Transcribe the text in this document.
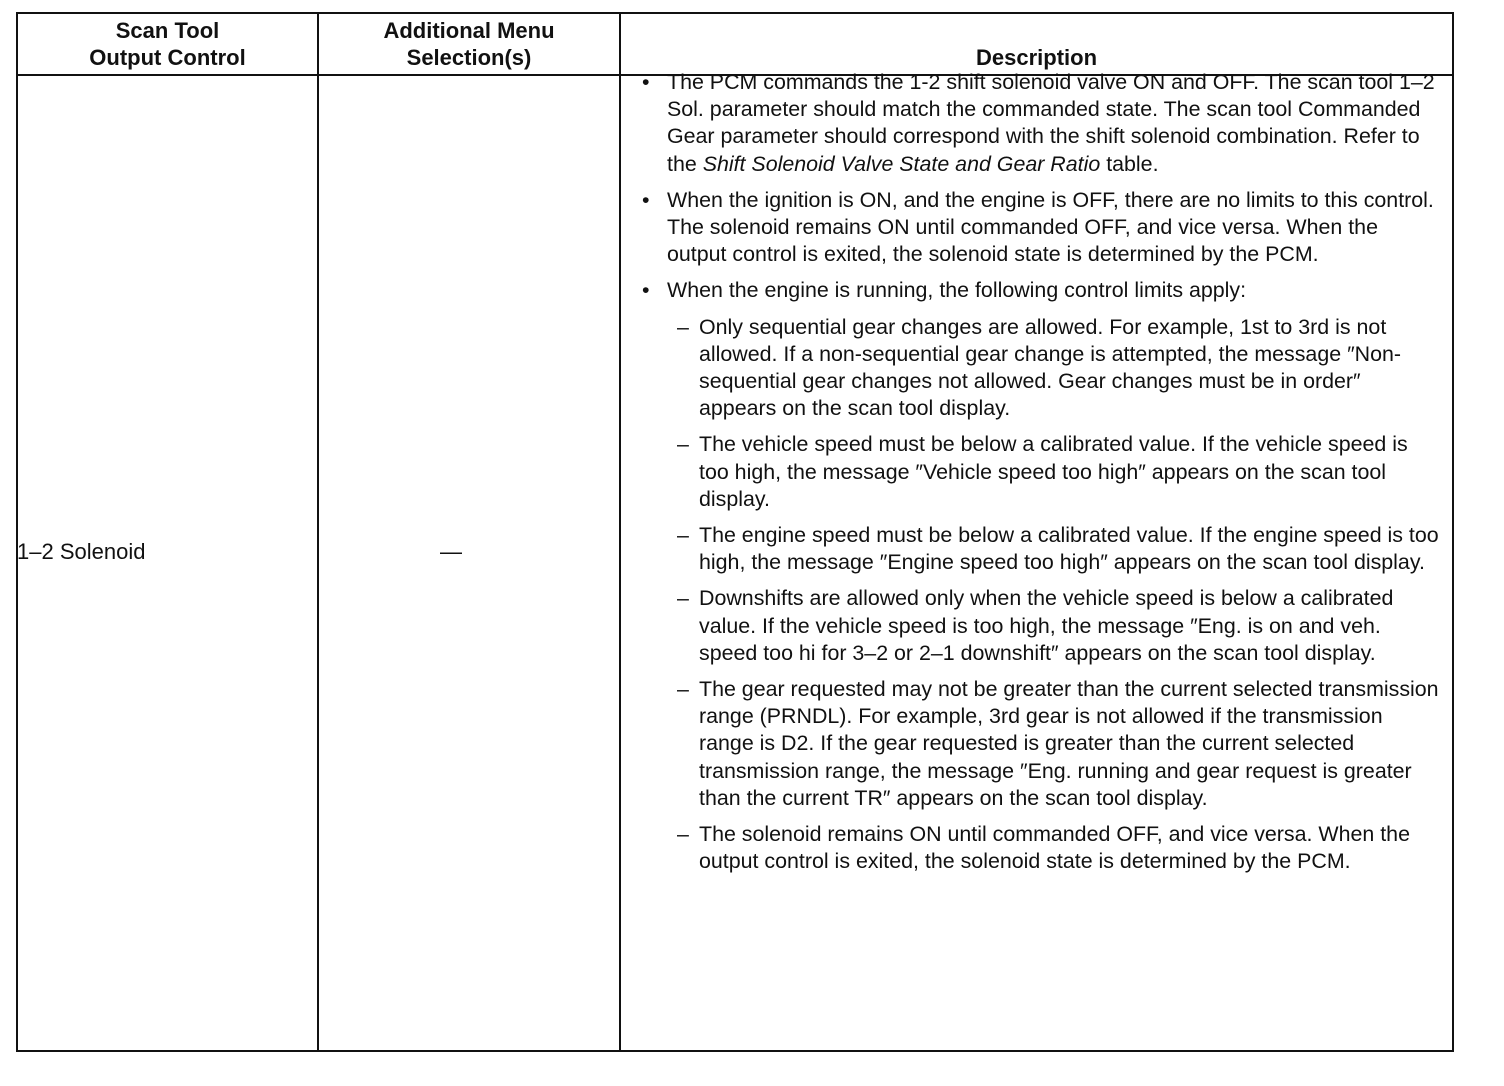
Scan Tool
Output Control
Additional Menu
Selection(s)	Description
1–2 Solenoid	—
• The PCM commands the 1-2 shift solenoid valve ON and OFF. The scan tool 1–2 Sol. parameter should match the commanded state. The scan tool Commanded Gear parameter should correspond with the shift solenoid combination. Refer to the Shift Solenoid Valve State and Gear Ratio table.
• When the ignition is ON, and the engine is OFF, there are no limits to this control. The solenoid remains ON until commanded OFF, and vice versa. When the output control is exited, the solenoid state is determined by the PCM.
• When the engine is running, the following control limits apply:
– Only sequential gear changes are allowed. For example, 1st to 3rd is not allowed. If a non-sequential gear change is attempted, the message ″Non-sequential gear changes not allowed. Gear changes must be in order″ appears on the scan tool display.
– The vehicle speed must be below a calibrated value. If the vehicle speed is too high, the message ″Vehicle speed too high″ appears on the scan tool display.
– The engine speed must be below a calibrated value. If the engine speed is too high, the message ″Engine speed too high″ appears on the scan tool display.
– Downshifts are allowed only when the vehicle speed is below a calibrated value. If the vehicle speed is too high, the message ″Eng. is on and veh. speed too hi for 3–2 or 2–1 downshift″ appears on the scan tool display.
– The gear requested may not be greater than the current selected transmission range (PRNDL). For example, 3rd gear is not allowed if the transmission range is D2. If the gear requested is greater than the current selected transmission range, the message ″Eng. running and gear request is greater than the current TR″ appears on the scan tool display.
– The solenoid remains ON until commanded OFF, and vice versa. When the output control is exited, the solenoid state is determined by the PCM.
